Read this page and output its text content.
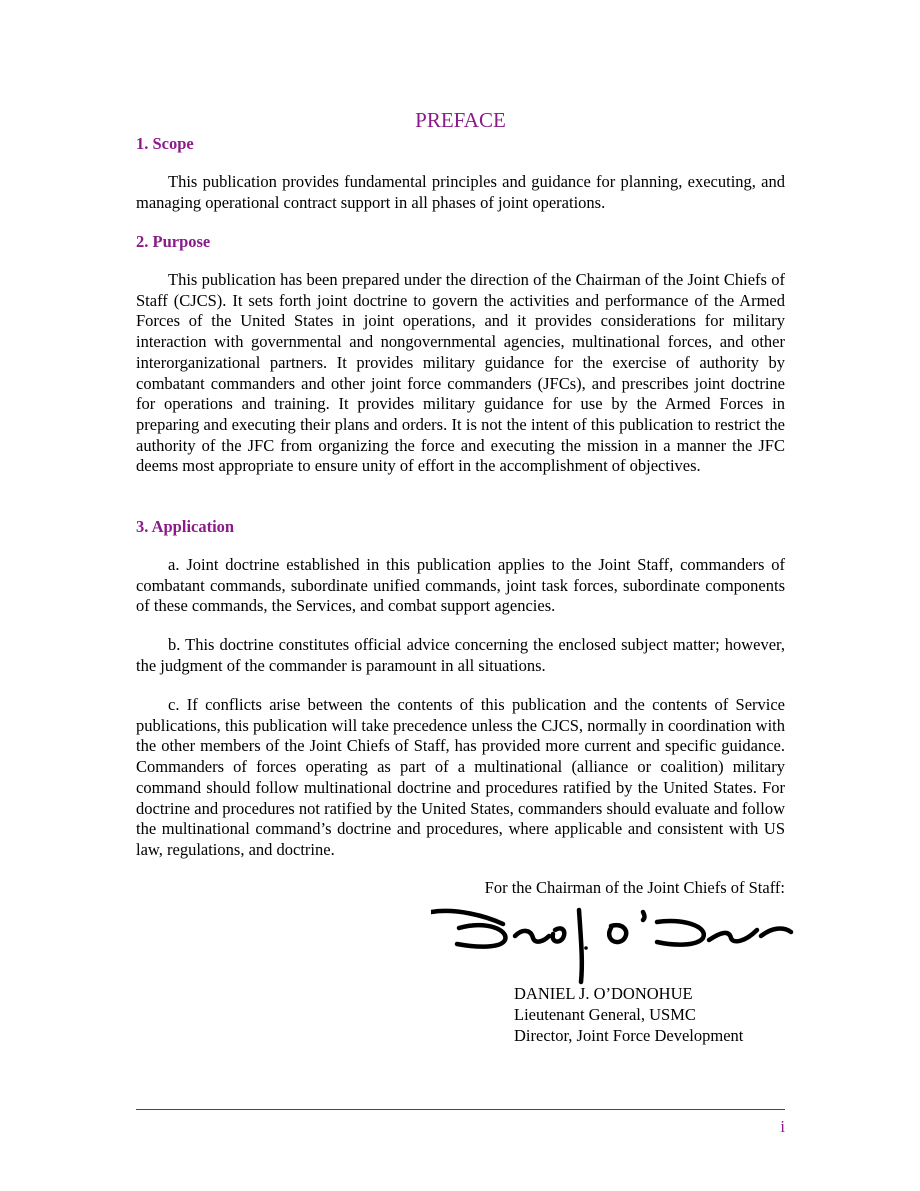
PREFACE
1. Scope

This publication provides fundamental principles and guidance for planning, executing, and managing operational contract support in all phases of joint operations.

2. Purpose

This publication has been prepared under the direction of the Chairman of the Joint Chiefs of Staff (CJCS). It sets forth joint doctrine to govern the activities and performance of the Armed Forces of the United States in joint operations, and it provides considerations for military interaction with governmental and nongovernmental agencies, multinational forces, and other interorganizational partners. It provides military guidance for the exercise of authority by combatant commanders and other joint force commanders (JFCs), and prescribes joint doctrine for operations and training. It provides military guidance for use by the Armed Forces in preparing and executing their plans and orders. It is not the intent of this publication to restrict the authority of the JFC from organizing the force and executing the mission in a manner the JFC deems most appropriate to ensure unity of effort in the accomplishment of objectives.

3. Application

a. Joint doctrine established in this publication applies to the Joint Staff, commanders of combatant commands, subordinate unified commands, joint task forces, subordinate components of these commands, the Services, and combat support agencies.

b. This doctrine constitutes official advice concerning the enclosed subject matter; however, the judgment of the commander is paramount in all situations.

c. If conflicts arise between the contents of this publication and the contents of Service publications, this publication will take precedence unless the CJCS, normally in coordination with the other members of the Joint Chiefs of Staff, has provided more current and specific guidance. Commanders of forces operating as part of a multinational (alliance or coalition) military command should follow multinational doctrine and procedures ratified by the United States. For doctrine and procedures not ratified by the United States, commanders should evaluate and follow the multinational command’s doctrine and procedures, where applicable and consistent with US law, regulations, and doctrine.

For the Chairman of the Joint Chiefs of Staff:
DANIEL J. O’DONOHUE
Lieutenant General, USMC
Director, Joint Force Development
i
